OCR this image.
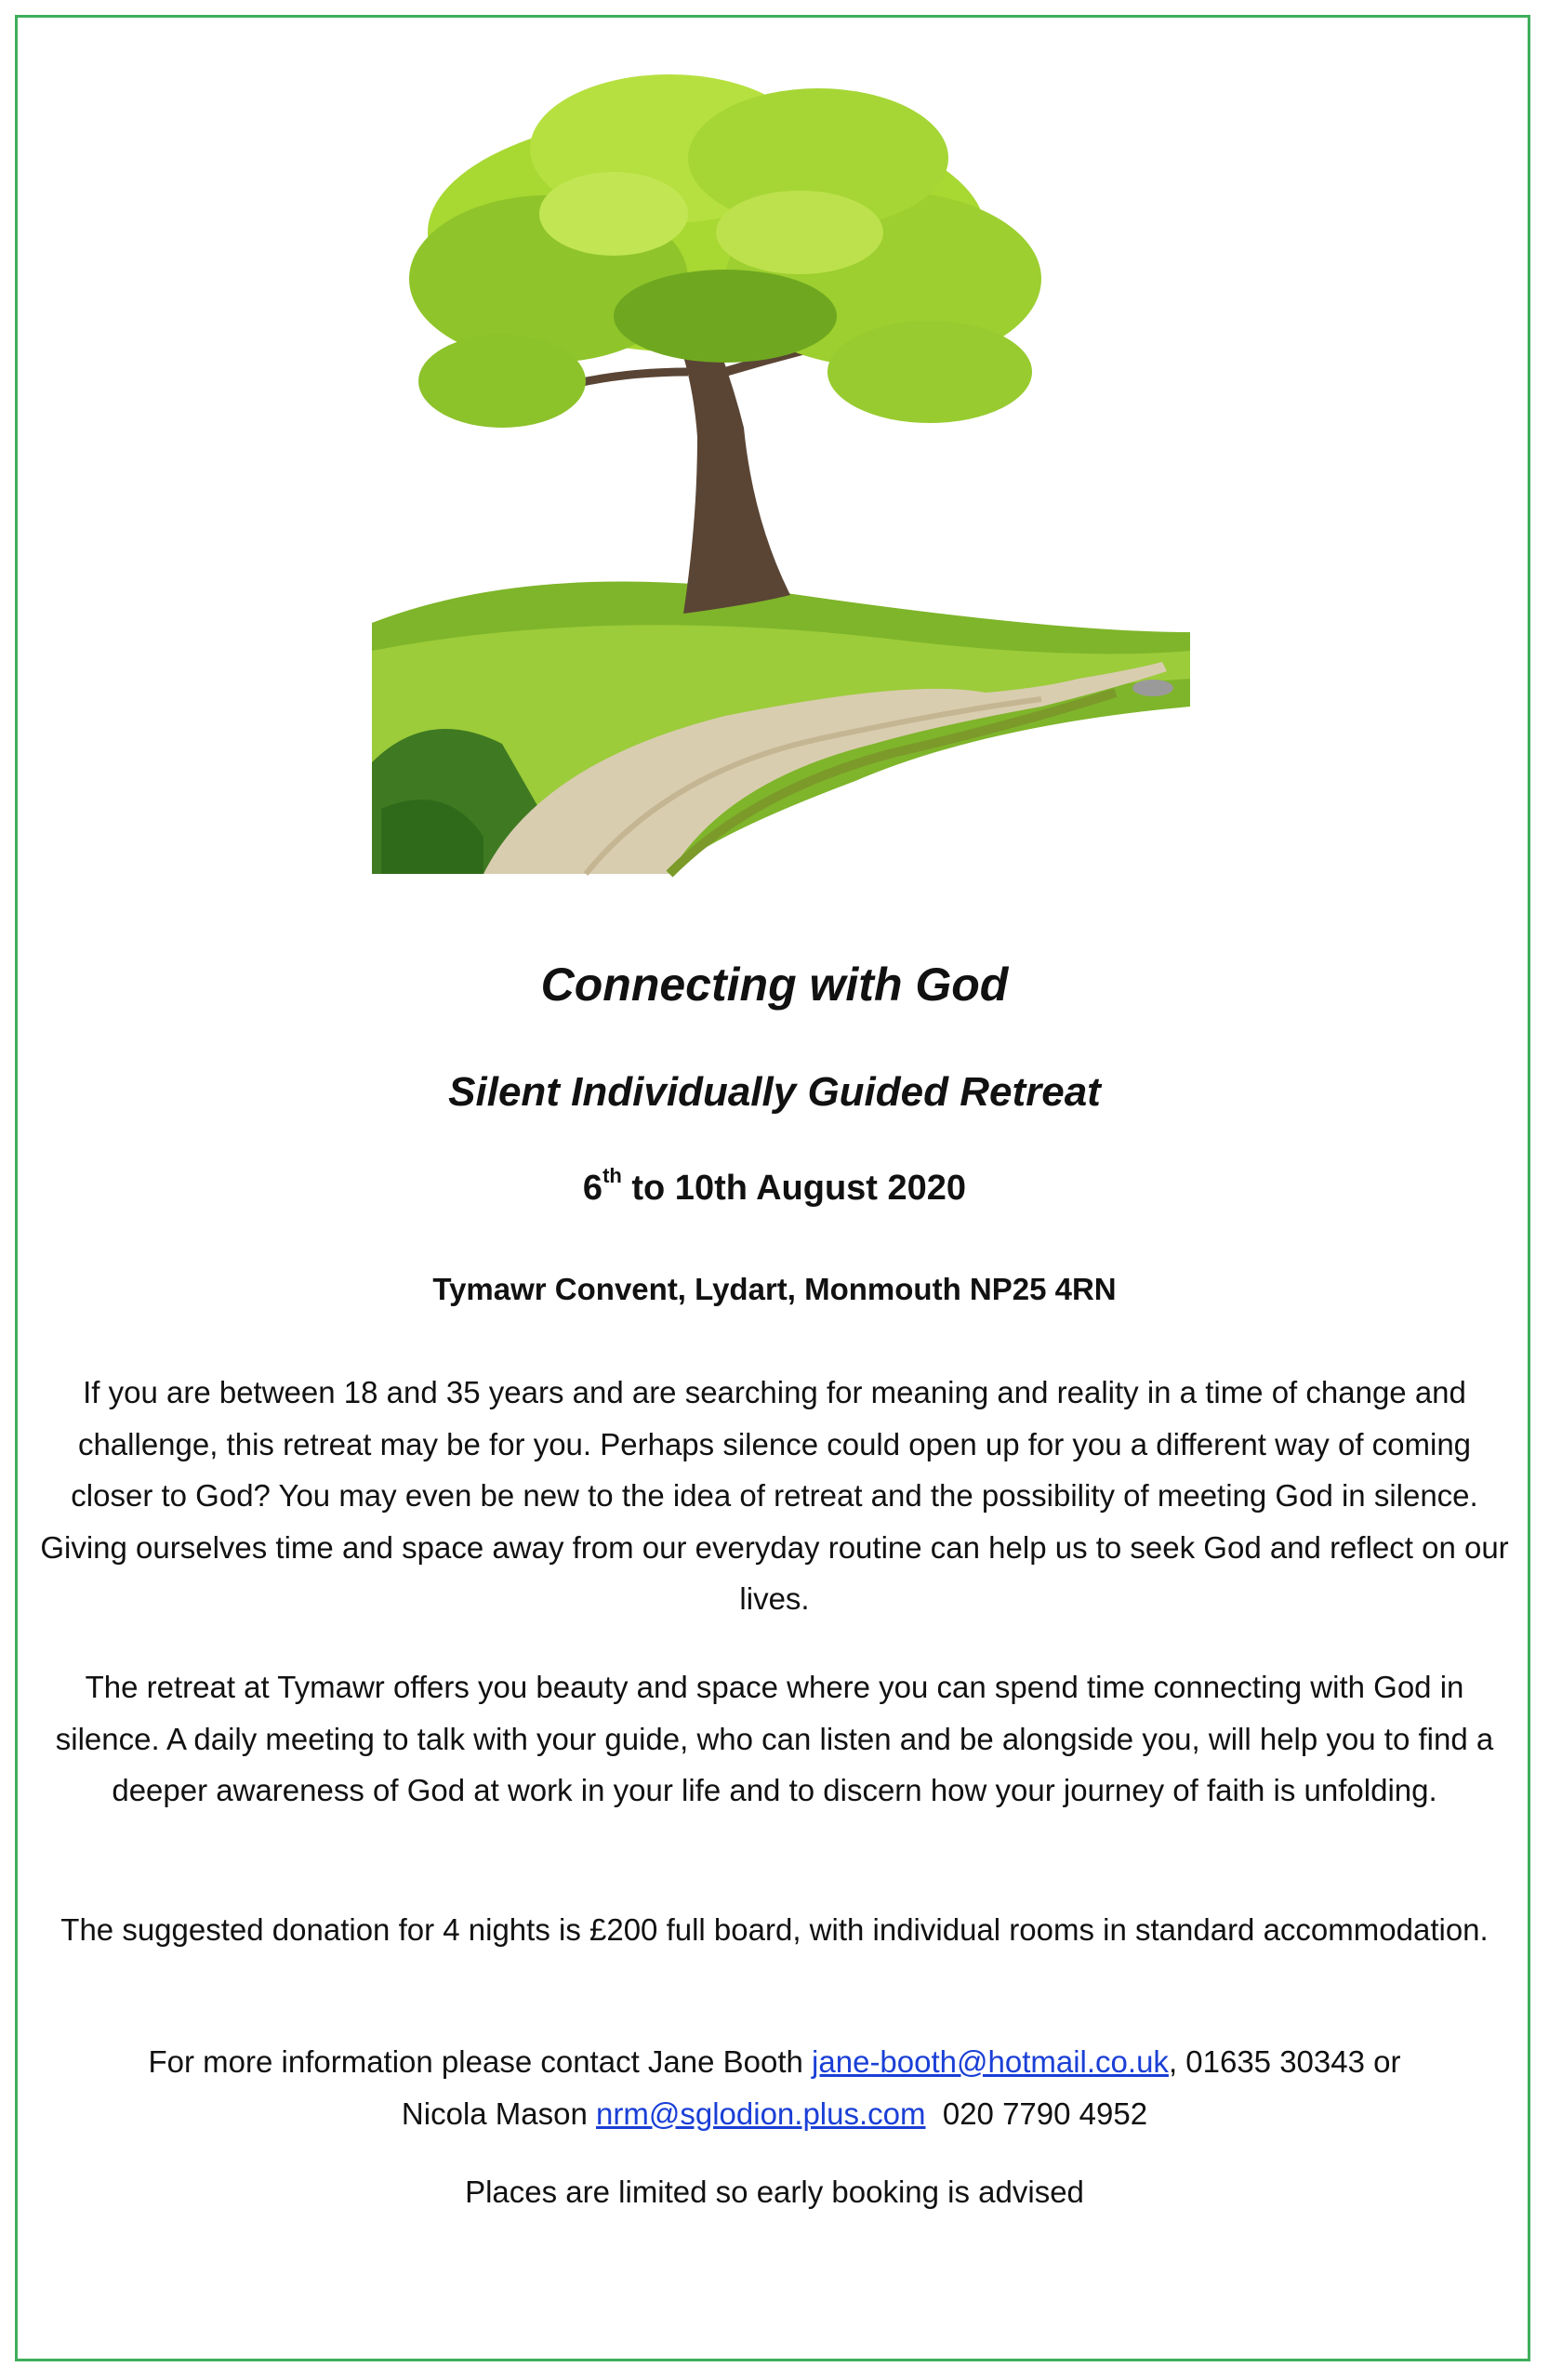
Connecting with God
Silent Individually Guided Retreat
6th to 10th August 2020
Tymawr Convent, Lydart, Monmouth NP25 4RN

If you are between 18 and 35 years and are searching for meaning and reality in a time of change and challenge, this retreat may be for you. Perhaps silence could open up for you a different way of coming closer to God? You may even be new to the idea of retreat and the possibility of meeting God in silence. Giving ourselves time and space away from our everyday routine can help us to seek God and reflect on our lives.

The retreat at Tymawr offers you beauty and space where you can spend time connecting with God in silence. A daily meeting to talk with your guide, who can listen and be alongside you, will help you to find a deeper awareness of God at work in your life and to discern how your journey of faith is unfolding.

The suggested donation for 4 nights is £200 full board, with individual rooms in standard accommodation.

For more information please contact Jane Booth jane-booth@hotmail.co.uk, 01635 30343 or
Nicola Mason nrm@sglodion.plus.com  020 7790 4952

Places are limited so early booking is advised
